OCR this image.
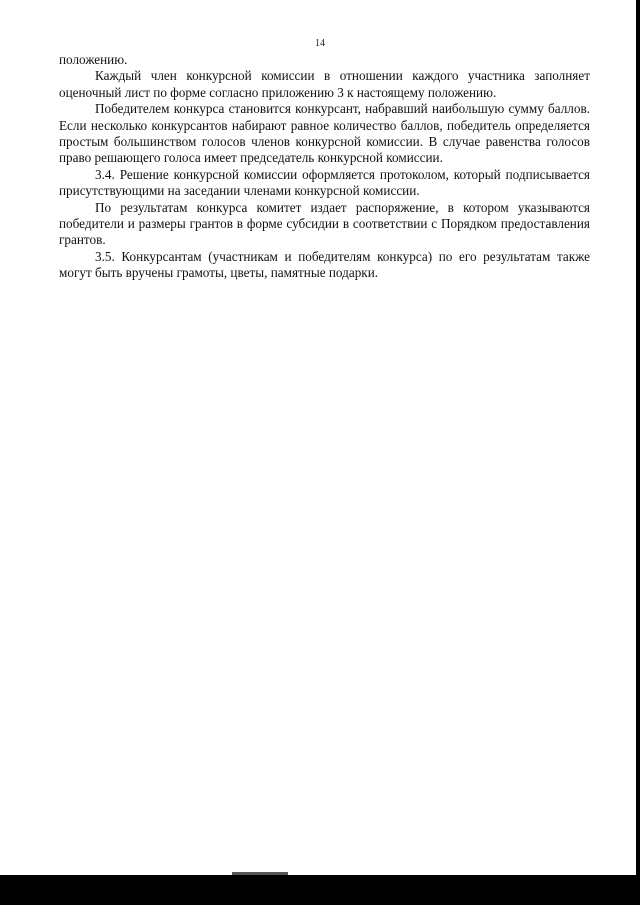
14

положению.

Каждый член конкурсной комиссии в отношении каждого участника заполняет оценочный лист по форме согласно приложению 3 к настоящему положению.

Победителем конкурса становится конкурсант, набравший наибольшую сумму баллов. Если несколько конкурсантов набирают равное количество баллов, победитель определяется простым большинством голосов членов конкурсной комиссии. В случае равенства голосов право решающего голоса имеет председатель конкурсной комиссии.

3.4. Решение конкурсной комиссии оформляется протоколом, который подписывается присутствующими на заседании членами конкурсной комиссии.

По результатам конкурса комитет издает распоряжение, в котором указываются победители и размеры грантов в форме субсидии в соответствии с Порядком предоставления грантов.

3.5. Конкурсантам (участникам и победителям конкурса) по его результатам также могут быть вручены грамоты, цветы, памятные подарки.
